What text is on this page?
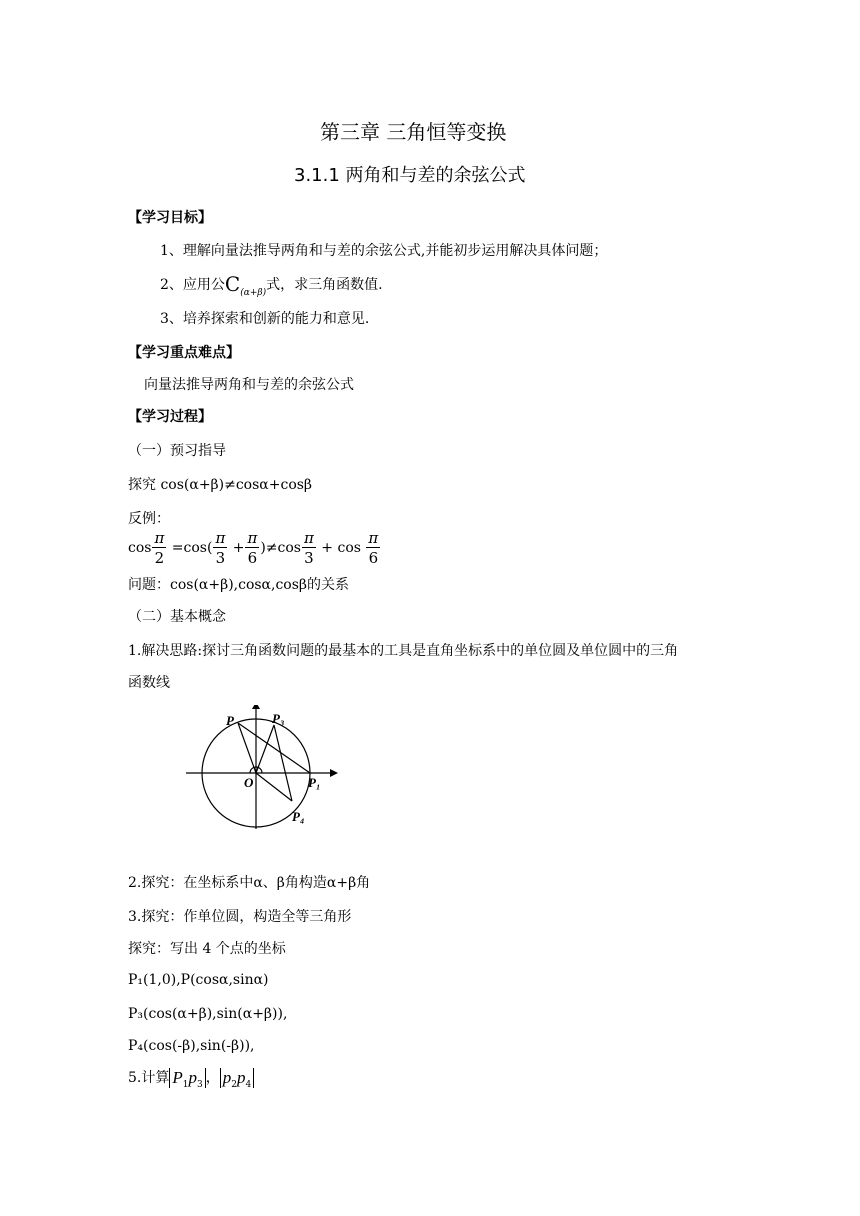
第三章 三角恒等变换
3.1.1 两角和与差的余弦公式
【学习目标】
1、理解向量法推导两角和与差的余弦公式,并能初步运用解决具体问题；
2、应用公$C_{(\alpha+\beta)}$式，求三角函数值.
3、培养探索和创新的能力和意见.
【学习重点难点】
向量法推导两角和与差的余弦公式
【学习过程】
（一）预习指导
探究 cos(α+β)≠cosα+cosβ
反例：
$\cos \frac{\pi}{2} =\cos( \frac{\pi}{3} + \frac{\pi}{6} )\ne\cos \frac{\pi}{3} + \cos \frac{\pi}{6}$
问题：cos(α+β),cosα,cosβ的关系
（二）基本概念
1.解决思路:探讨三角函数问题的最基本的工具是直角坐标系中的单位圆及单位圆中的三角
函数线
P	P₃
O	P₁
P₄
2.探究：在坐标系中α、β角构造α+β角
3.探究：作单位圆，构造全等三角形
探究：写出 4 个点的坐标
P₁(1,0),P(cosα,sinα)
P₃(cos(α+β),sin(α+β)),
P₄(cos(-β),sin(-β)),
5.计算 $P_1p_3$ ， $p_2p_4$
